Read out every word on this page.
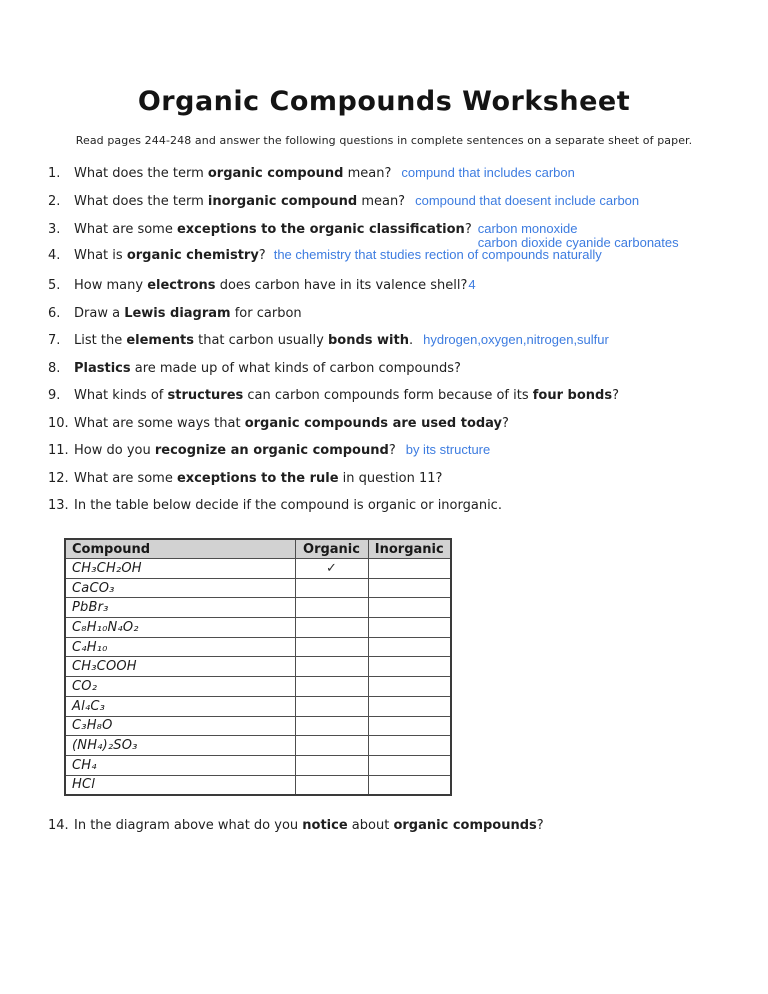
Organic Compounds Worksheet
Read pages 244-248 and answer the following questions in complete sentences on a separate sheet of paper.
1. What does the term organic compound mean? compund that includes carbon
2. What does the term inorganic compound mean? compound that doesent include carbon
3. What are some exceptions to the organic classification? carbon monoxide
carbon dioxide cyanide carbonates
4. What is organic chemistry? the chemistry that studies rection of compounds naturally
5. How many electrons does carbon have in its valence shell?4
6. Draw a Lewis diagram for carbon
7. List the elements that carbon usually bonds with. hydrogen,oxygen,nitrogen,sulfur
8. Plastics are made up of what kinds of carbon compounds?
9. What kinds of structures can carbon compounds form because of its four bonds?
10. What are some ways that organic compounds are used today?
11. How do you recognize an organic compound? by its structure
12. What are some exceptions to the rule in question 11?
13. In the table below decide if the compound is organic or inorganic.
14. In the diagram above what do you notice about organic compounds?
Compound	Organic	Inorganic
CH₃CH₂OH	✓	
CaCO₃		
PbBr₃		
C₈H₁₀N₄O₂		
C₄H₁₀		
CH₃COOH		
CO₂		
Al₄C₃		
C₃H₈O		
(NH₄)₂SO₃		
CH₄		
HCl		
